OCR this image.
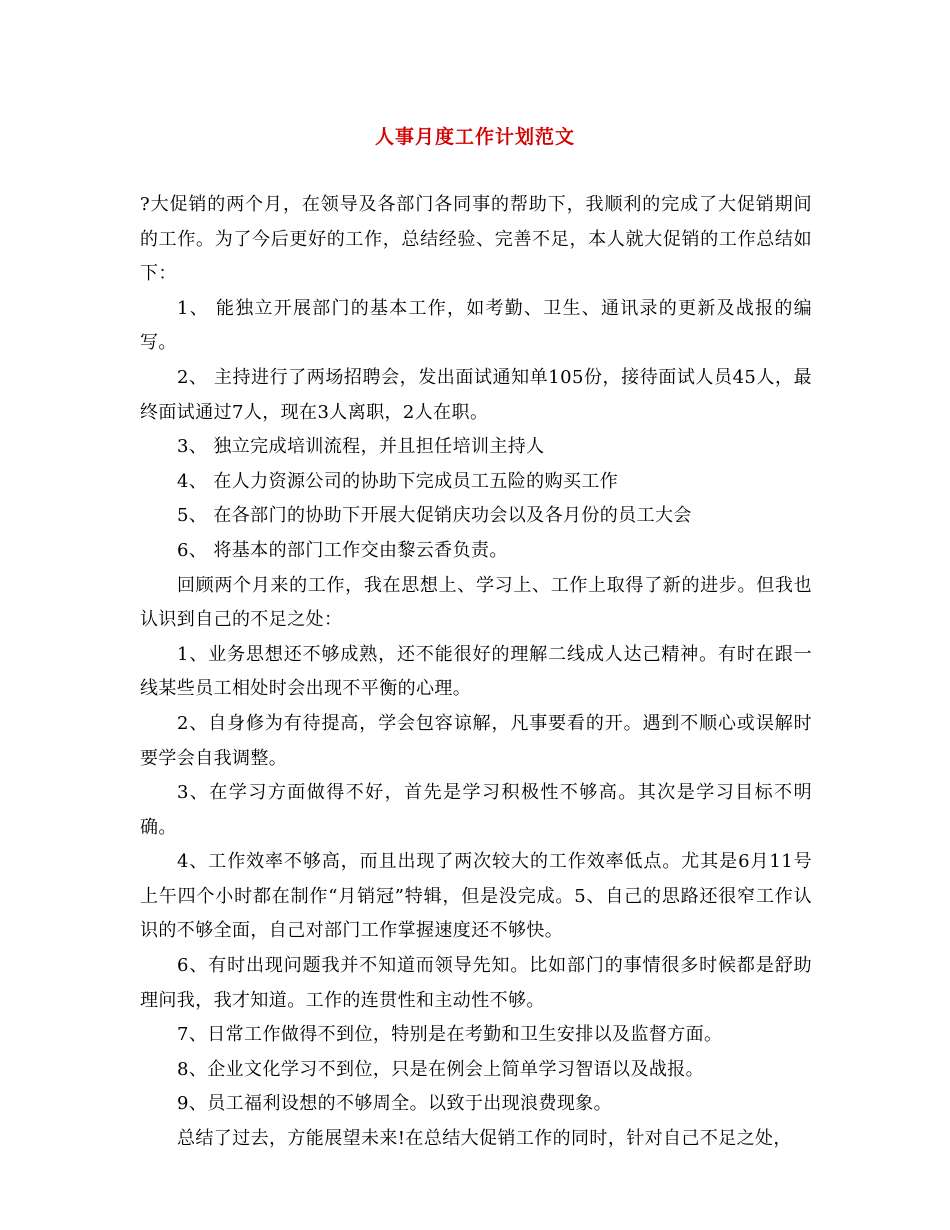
人事月度工作计划范文

?大促销的两个月，在领导及各部门各同事的帮助下，我顺利的完成了大促销期间的工作。为了今后更好的工作，总结经验、完善不足，本人就大促销的工作总结如下：

1、 能独立开展部门的基本工作，如考勤、卫生、通讯录的更新及战报的编写。

2、 主持进行了两场招聘会，发出面试通知单105份，接待面试人员45人，最终面试通过7人，现在3人离职，2人在职。

3、 独立完成培训流程，并且担任培训主持人

4、 在人力资源公司的协助下完成员工五险的购买工作

5、 在各部门的协助下开展大促销庆功会以及各月份的员工大会

6、 将基本的部门工作交由黎云香负责。

回顾两个月来的工作，我在思想上、学习上、工作上取得了新的进步。但我也认识到自己的不足之处：

1、业务思想还不够成熟，还不能很好的理解二线成人达己精神。有时在跟一线某些员工相处时会出现不平衡的心理。

2、自身修为有待提高，学会包容谅解，凡事要看的开。遇到不顺心或误解时要学会自我调整。

3、在学习方面做得不好，首先是学习积极性不够高。其次是学习目标不明确。

4、工作效率不够高，而且出现了两次较大的工作效率低点。尤其是6月11号上午四个小时都在制作“月销冠”特辑，但是没完成。5、自己的思路还很窄工作认识的不够全面，自己对部门工作掌握速度还不够快。

6、有时出现问题我并不知道而领导先知。比如部门的事情很多时候都是舒助理问我，我才知道。工作的连贯性和主动性不够。

7、日常工作做得不到位，特别是在考勤和卫生安排以及监督方面。

8、企业文化学习不到位，只是在例会上简单学习智语以及战报。

9、员工福利设想的不够周全。以致于出现浪费现象。

总结了过去，方能展望未来!在总结大促销工作的同时，针对自己不足之处，
